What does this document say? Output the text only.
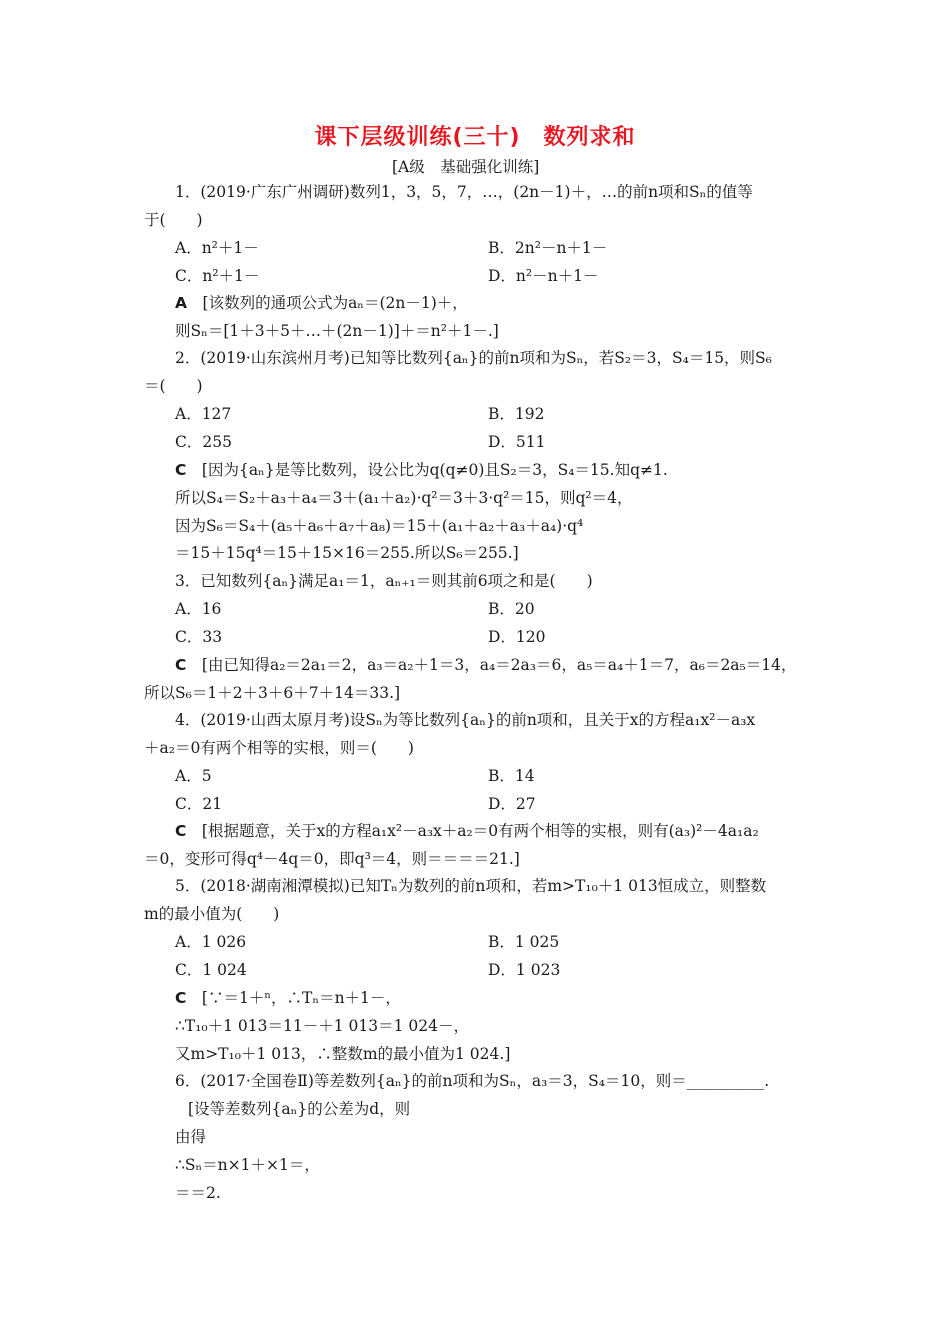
课下层级训练(三十)　数列求和
[A级　基础强化训练]
1．(2019·广东广州调研)数列1，3，5，7，…，(2n－1)＋，…的前n项和Sₙ的值等
于(　　)
A．n²＋1－	B．2n²－n＋1－
C．n²＋1－	D．n²－n＋1－
A　 [该数列的通项公式为aₙ＝(2n－1)＋，
则Sₙ＝[1＋3＋5＋…＋(2n－1)]＋＝n²＋1－.]
2．(2019·山东滨州月考)已知等比数列{aₙ}的前n项和为Sₙ，若S₂＝3，S₄＝15，则S₆
＝(　　)
A．127	B．192
C．255	D．511
C　 [因为{aₙ}是等比数列，设公比为q(q≠0)且S₂＝3，S₄＝15.知q≠1.
所以S₄＝S₂＋a₃＋a₄＝3＋(a₁＋a₂)·q²＝3＋3·q²＝15，则q²＝4，
因为S₆＝S₄＋(a₅＋a₆＋a₇＋a₈)＝15＋(a₁＋a₂＋a₃＋a₄)·q⁴
＝15＋15q⁴＝15＋15×16＝255.所以S₆＝255.]
3．已知数列{aₙ}满足a₁＝1，aₙ₊₁＝则其前6项之和是(　　)
A．16	B．20
C．33	D．120
C　 [由已知得a₂＝2a₁＝2，a₃＝a₂＋1＝3，a₄＝2a₃＝6，a₅＝a₄＋1＝7，a₆＝2a₅＝14，
所以S₆＝1＋2＋3＋6＋7＋14＝33.]
4．(2019·山西太原月考)设Sₙ为等比数列{aₙ}的前n项和，且关于x的方程a₁x²－a₃x
＋a₂＝0有两个相等的实根，则＝(　　)
A．5	B．14
C．21	D．27
C　 [根据题意，关于x的方程a₁x²－a₃x＋a₂＝0有两个相等的实根，则有(a₃)²－4a₁a₂
＝0，变形可得q⁴－4q＝0，即q³＝4，则＝＝＝＝21.]
5．(2018·湖南湘潭模拟)已知Tₙ为数列的前n项和，若m>T₁₀＋1 013恒成立，则整数
m的最小值为(　　)
A．1 026	B．1 025
C．1 024	D．1 023
C　 [∵＝1＋ⁿ，∴Tₙ＝n＋1－，
∴T₁₀＋1 013＝11－＋1 013＝1 024－，
又m>T₁₀＋1 013，∴整数m的最小值为1 024.]
6．(2017·全国卷Ⅱ)等差数列{aₙ}的前n项和为Sₙ，a₃＝3，S₄＝10，则＝__________.
[设等差数列{aₙ}的公差为d，则
由得
∴Sₙ＝n×1＋×1＝，
＝＝2.
